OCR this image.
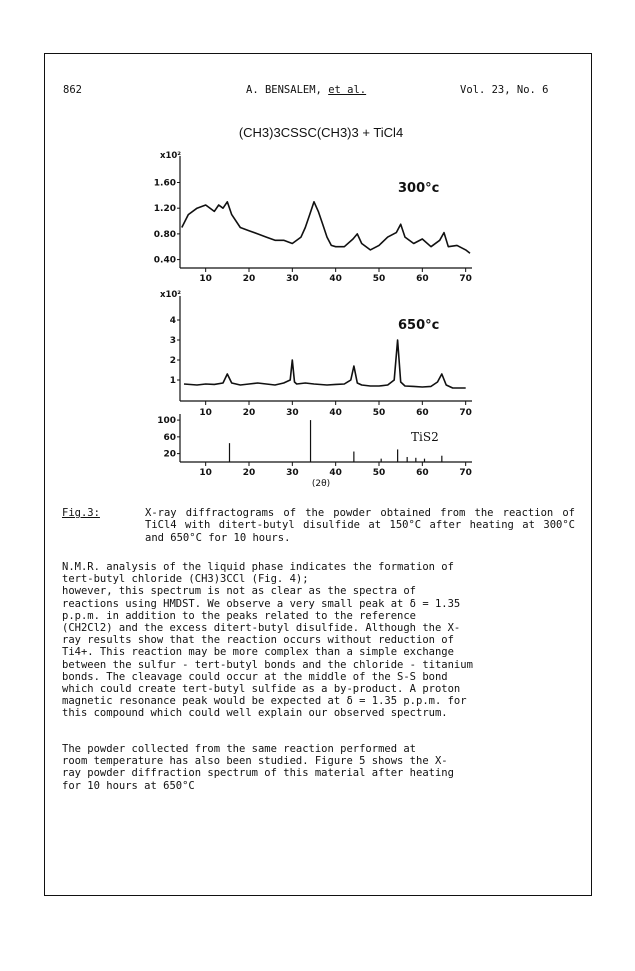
862	A. BENSALEM, et al.	Vol. 23, No. 6
(CH3)3CSSC(CH3)3 + TiCl4
10	20	30	40	50	60	70
0.40
0.80
1.20
1.60
x10²
300°c
10	20	30	40	50	60	70
1
2
3
4
x10²
650°c
10	20	30	40	50	60	70
20
60
100
TiS2
(2θ)
Fig.3:	X-ray diffractograms of the powder obtained from the reaction of TiCl4 with ditert-butyl disulfide at 150°C after heating at 300°C and 650°C for 10 hours.
N.M.R. analysis of the liquid phase indicates the formation of
tert-butyl chloride (CH3)3CCl (Fig. 4);
however, this spectrum is not as clear as the spectra of
reactions using HMDST. We observe a very small peak at δ = 1.35
p.p.m. in addition to the peaks related to the reference
(CH2Cl2) and the excess ditert-butyl disulfide. Although the X-
ray results show that the reaction occurs without reduction of
Ti4+. This reaction may be more complex than a simple exchange
between the sulfur - tert-butyl bonds and the chloride - titanium
bonds. The cleavage could occur at the middle of the S-S bond
which could create tert-butyl sulfide as a by-product. A proton
magnetic resonance peak would be expected at δ = 1.35 p.p.m. for
this compound which could well explain our observed spectrum.
The powder collected from the same reaction performed at
room temperature has also been studied. Figure 5 shows the X-
ray powder diffraction spectrum of this material after heating
for 10 hours at 650°C
